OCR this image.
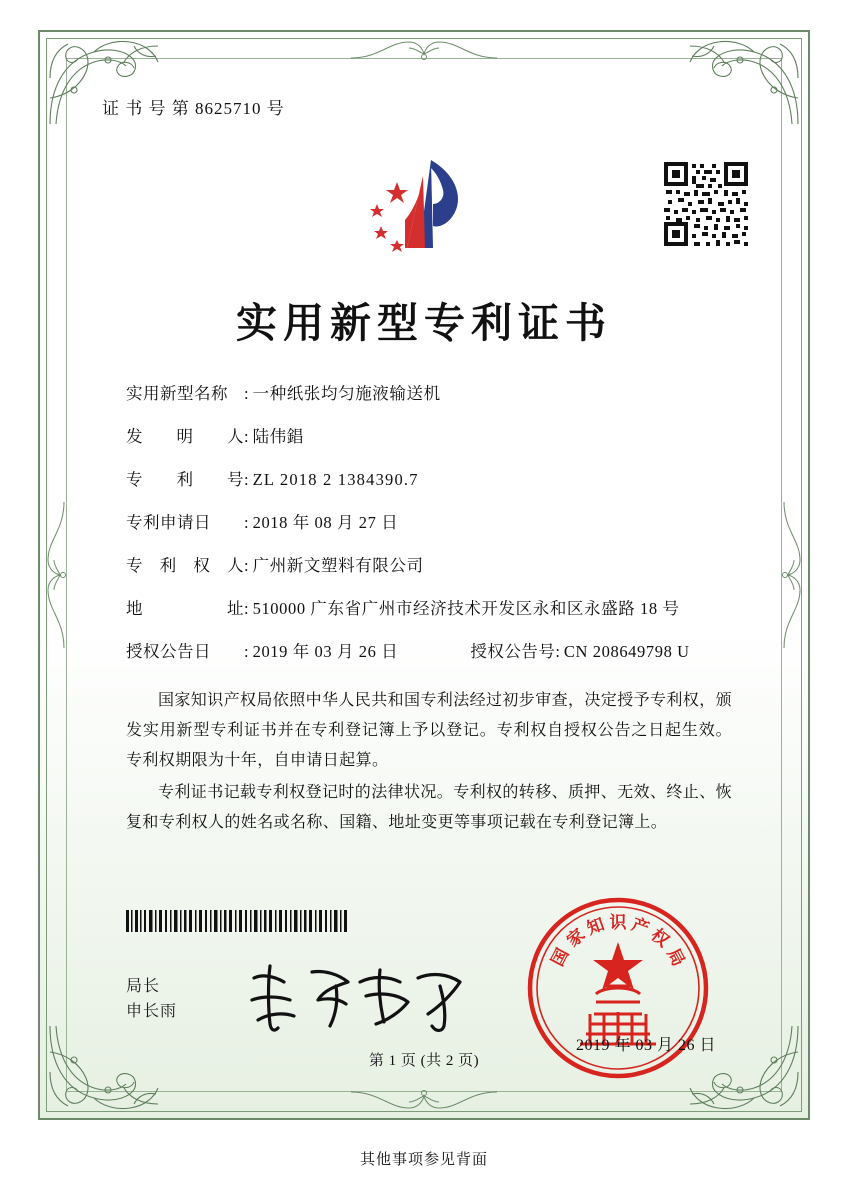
证 书 号 第 8625710 号
实用新型专利证书
实用新型名称 : 一种纸张均匀施液输送机
发 明 人 : 陆伟錩
专 利 号 : ZL 2018 2 1384390.7
专利申请日	: 2018 年 08 月 27 日
专 利 权 人 : 广州新文塑料有限公司
地	址 : 510000 广东省广州市经济技术开发区永和区永盛路 18 号
授权公告日	: 2019 年 03 月 26 日	授权公告号: CN 208649798 U

国家知识产权局依照中华人民共和国专利法经过初步审查，决定授予专利权，颁发实用新型专利证书并在专利登记簿上予以登记。专利权自授权公告之日起生效。专利权期限为十年，自申请日起算。

专利证书记载专利权登记时的法律状况。专利权的转移、质押、无效、终止、恢复和专利权人的姓名或名称、国籍、地址变更等事项记载在专利登记簿上。

局长
申长雨
国
家
知 识 产
权
局
2019 年 03 月 26 日
第 1 页 (共 2 页)
其他事项参见背面
